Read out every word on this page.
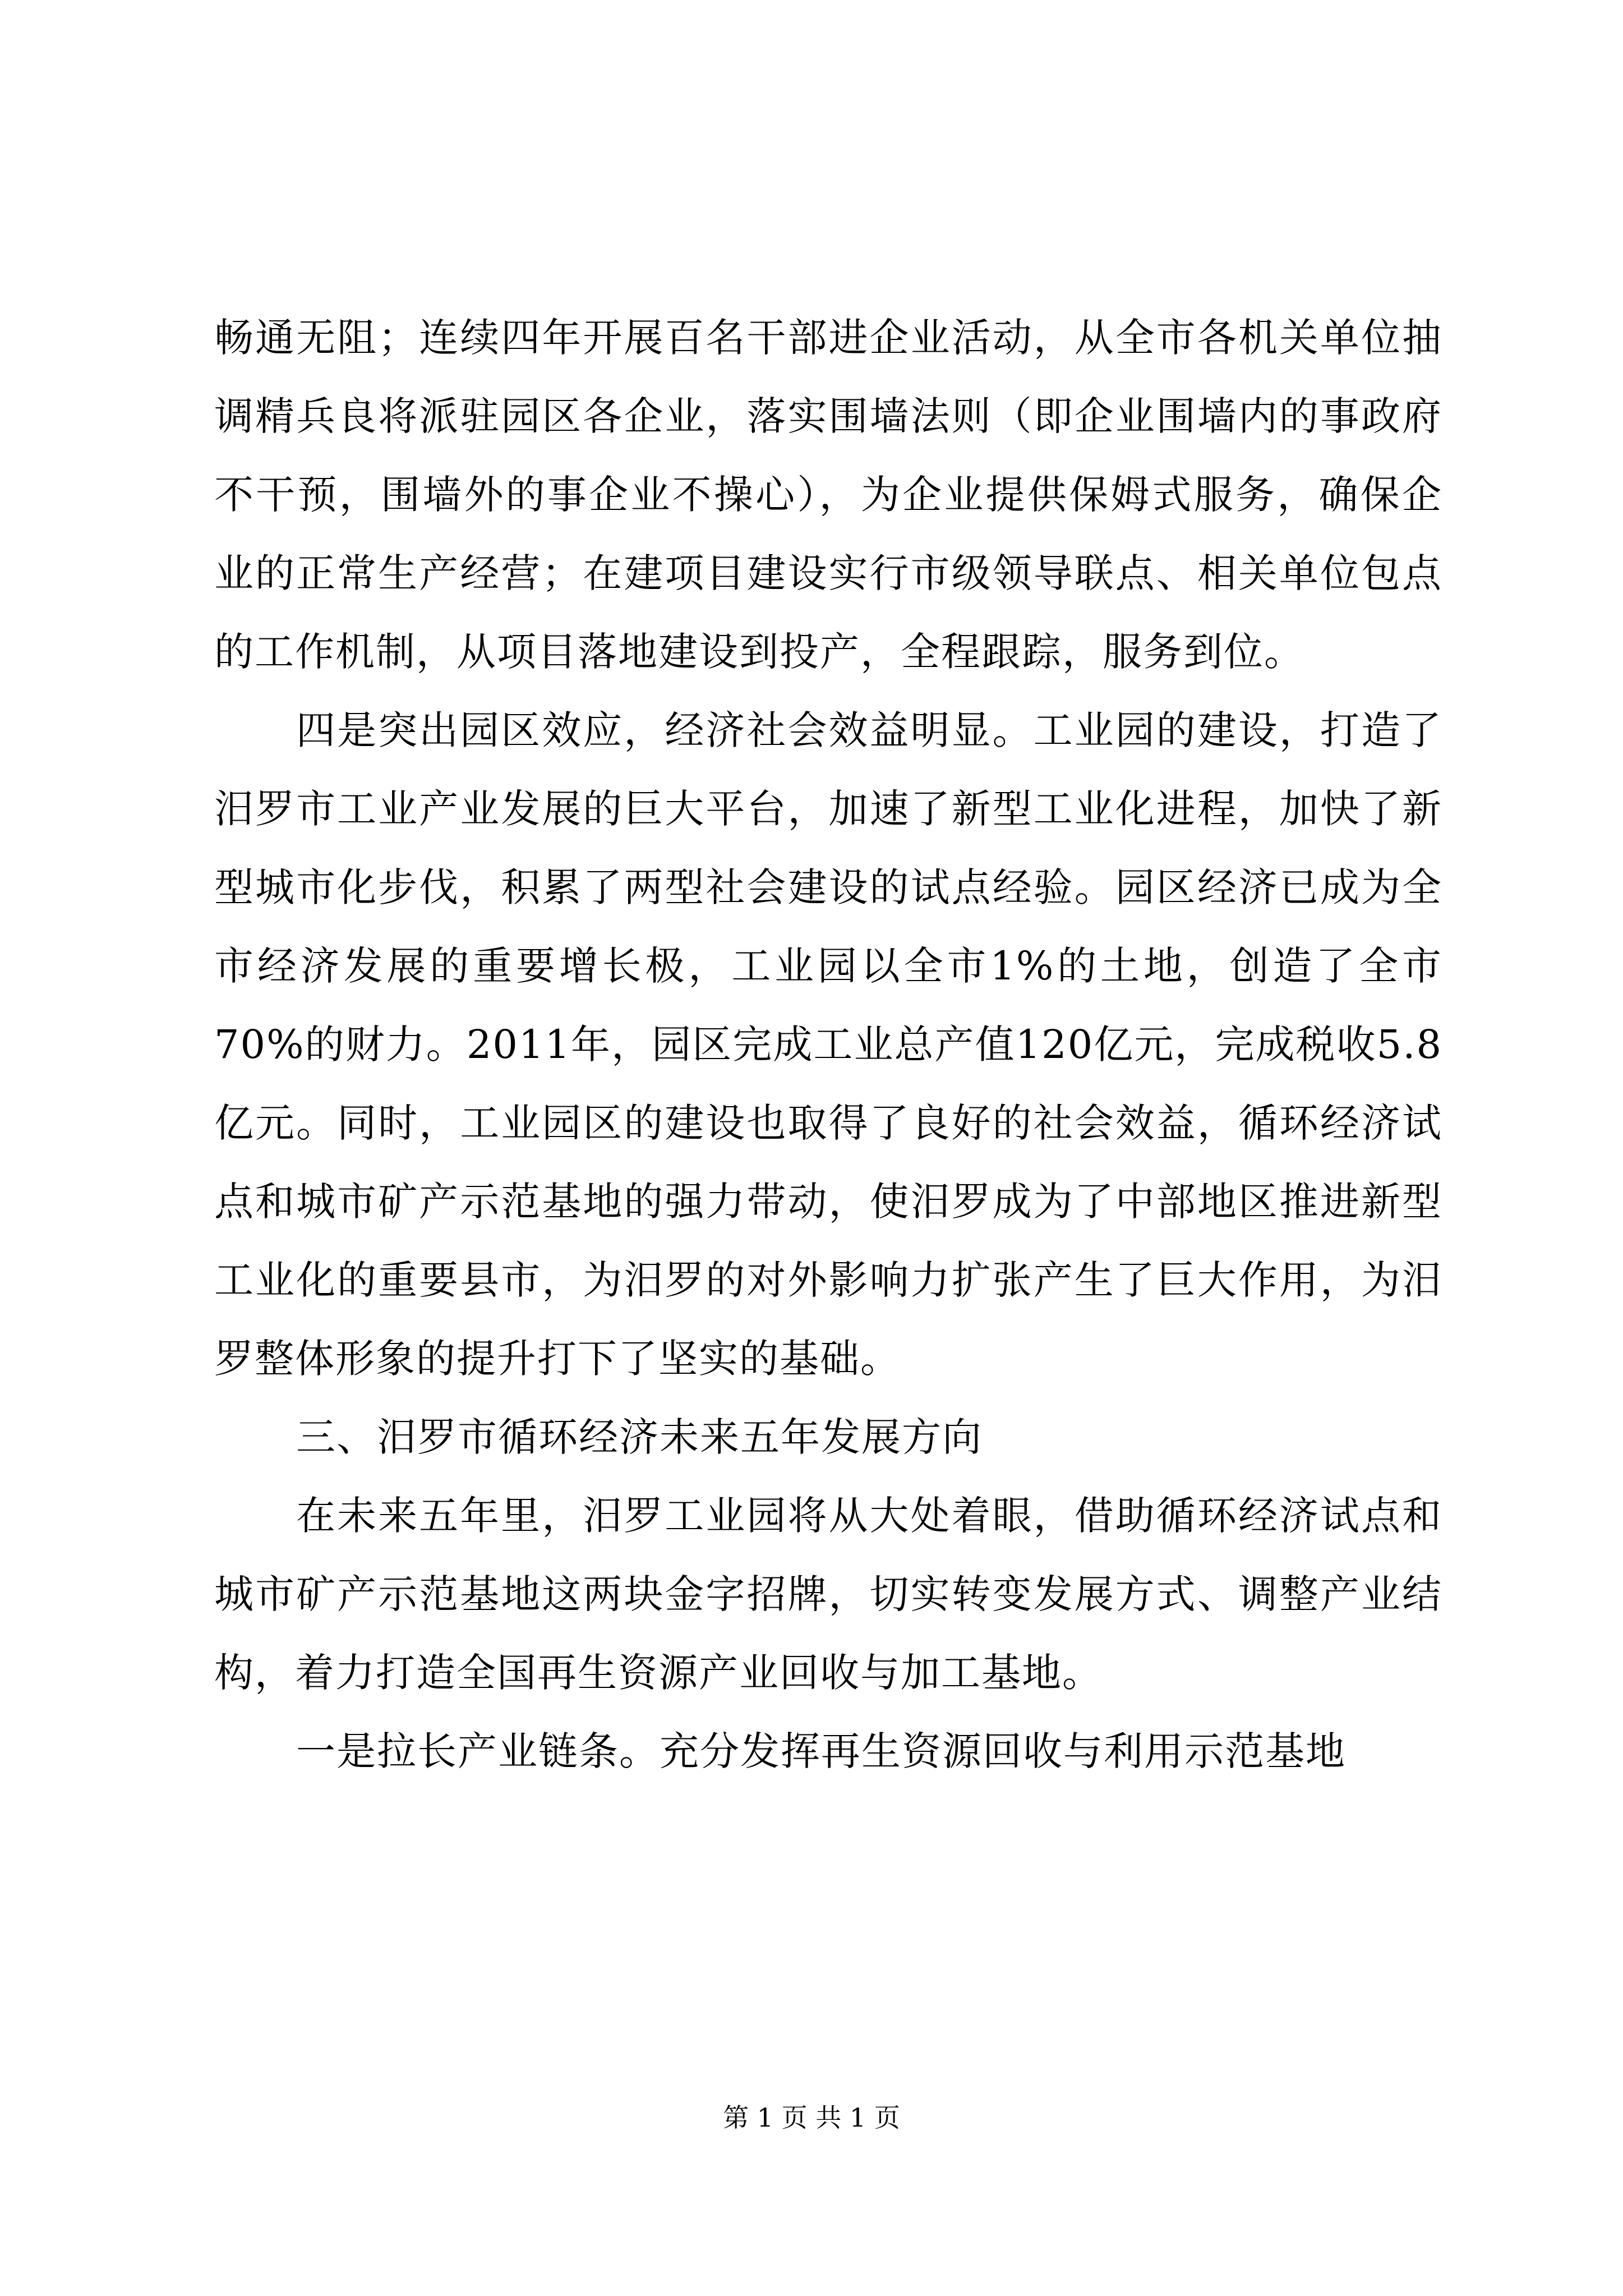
畅通无阻；连续四年开展百名干部进企业活动，从全市各机关单位抽调精兵良将派驻园区各企业，落实围墙法则（即企业围墙内的事政府不干预，围墙外的事企业不操心），为企业提供保姆式服务，确保企业的正常生产经营；在建项目建设实行市级领导联点、相关单位包点的工作机制，从项目落地建设到投产，全程跟踪，服务到位。

四是突出园区效应，经济社会效益明显。工业园的建设，打造了汨罗市工业产业发展的巨大平台，加速了新型工业化进程，加快了新型城市化步伐，积累了两型社会建设的试点经验。园区经济已成为全市经济发展的重要增长极，工业园以全市1%的土地，创造了全市70%的财力。2011年，园区完成工业总产值120亿元，完成税收5.8亿元。同时，工业园区的建设也取得了良好的社会效益，循环经济试点和城市矿产示范基地的强力带动，使汨罗成为了中部地区推进新型工业化的重要县市，为汨罗的对外影响力扩张产生了巨大作用，为汨罗整体形象的提升打下了坚实的基础。

三、汨罗市循环经济未来五年发展方向

在未来五年里，汨罗工业园将从大处着眼，借助循环经济试点和城市矿产示范基地这两块金字招牌，切实转变发展方式、调整产业结构，着力打造全国再生资源产业回收与加工基地。

一是拉长产业链条。充分发挥再生资源回收与利用示范基地

第 1 页 共 1 页
